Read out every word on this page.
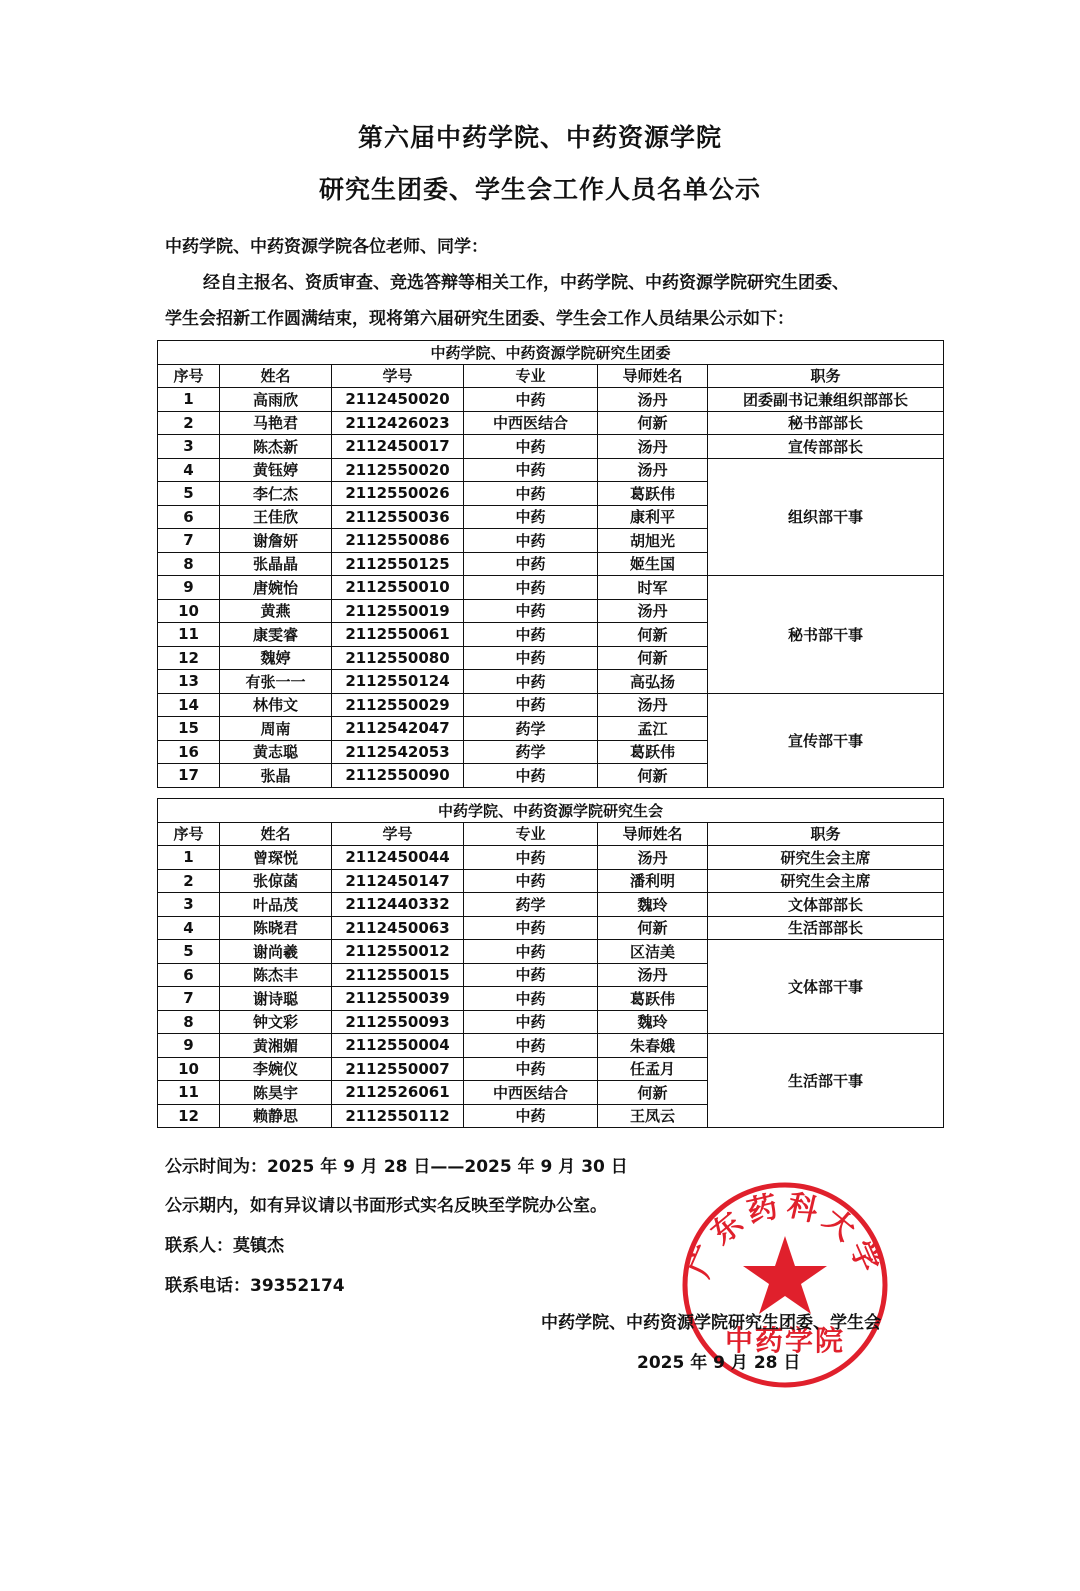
第六届中药学院、中药资源学院
研究生团委、学生会工作人员名单公示
中药学院、中药资源学院各位老师、同学：
经自主报名、资质审查、竞选答辩等相关工作，中药学院、中药资源学院研究生团委、
学生会招新工作圆满结束，现将第六届研究生团委、学生会工作人员结果公示如下：
中药学院、中药资源学院研究生团委					
序号	姓名	学号	专业	导师姓名	职务
1	高雨欣	2112450020	中药	汤丹	团委副书记兼组织部部长
2	马艳君	2112426023	中西医结合	何新	秘书部部长
3	陈杰新	2112450017	中药	汤丹	宣传部部长
4	黄钰婷	2112550020	中药	汤丹	组织部干事
5	李仁杰	2112550026	中药	葛跃伟	
6	王佳欣	2112550036	中药	康利平	
7	谢詹妍	2112550086	中药	胡旭光	
8	张晶晶	2112550125	中药	姬生国	
9	唐婉怡	2112550010	中药	时军	秘书部干事
10	黄燕	2112550019	中药	汤丹	
11	康雯睿	2112550061	中药	何新	
12	魏婷	2112550080	中药	何新	
13	有张一一	2112550124	中药	高弘扬	
14	林伟文	2112550029	中药	汤丹	宣传部干事
15	周南	2112542047	药学	孟江	
16	黄志聪	2112542053	药学	葛跃伟	
17	张晶	2112550090	中药	何新	
中药学院、中药资源学院研究生会					
序号	姓名	学号	专业	导师姓名	职务
1	曾琛悦	2112450044	中药	汤丹	研究生会主席
2	张倞菡	2112450147	中药	潘利明	研究生会主席
3	叶品茂	2112440332	药学	魏玲	文体部部长
4	陈晓君	2112450063	中药	何新	生活部部长
5	谢尚羲	2112550012	中药	区洁美	文体部干事
6	陈杰丰	2112550015	中药	汤丹	
7	谢诗聪	2112550039	中药	葛跃伟	
8	钟文彩	2112550093	中药	魏玲	
9	黄湘媚	2112550004	中药	朱春娥	生活部干事
10	李婉仪	2112550007	中药	任孟月	
11	陈昊宇	2112526061	中西医结合	何新	
12	赖静思	2112550112	中药	王凤云	
公示时间为：2025 年 9 月 28 日——2025 年 9 月 30 日
公示期内，如有异议请以书面形式实名反映至学院办公室。
联系人：莫镇杰
联系电话：39352174
广东药科大学
中药学院
中药学院、中药资源学院研究生团委、学生会
2025 年 9 月 28 日
